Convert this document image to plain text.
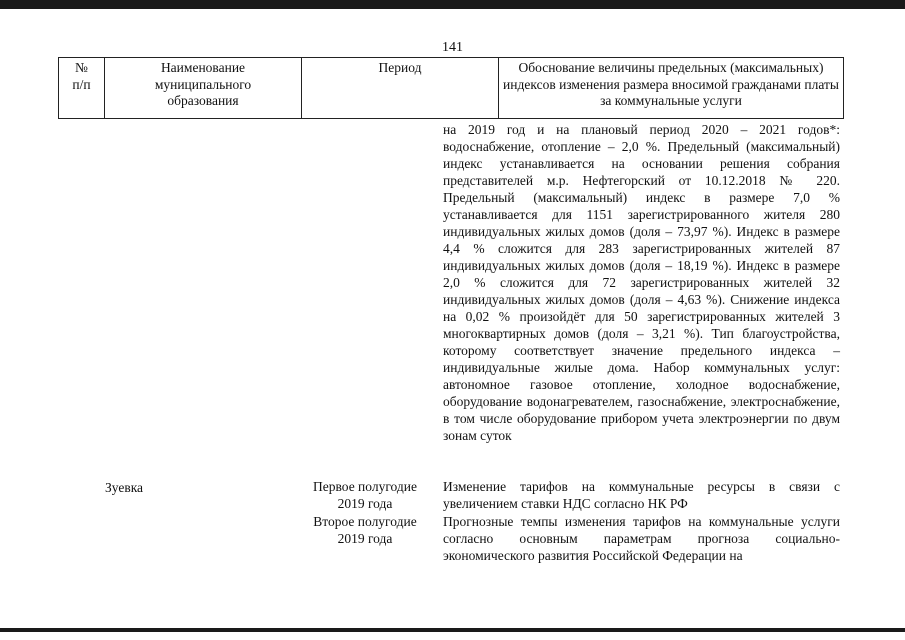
141
№
п/п
Наименование
муниципального
образования
Период	Обоснование величины предельных (максимальных)
индексов изменения размера вносимой гражданами платы
за коммунальные услуги
на 2019 год и на плановый период 2020 – 2021 годов*: водоснабжение, отопление – 2,0 %. Предельный (максимальный) индекс устанавливается на основании решения собрания представителей м.р. Нефтегорский от 10.12.2018 № 220. Предельный (максимальный) индекс в размере 7,0 % устанавливается для 1151 зарегистрированного жителя 280 индивидуальных жилых домов (доля – 73,97 %). Индекс в размере 4,4 % сложится для 283 зарегистрированных жителей 87 индивидуальных жилых домов (доля – 18,19 %). Индекс в размере 2,0 % сложится для 72 зарегистрированных жителей 32 индивидуальных жилых домов (доля – 4,63 %). Снижение индекса на 0,02 % произойдёт для 50 зарегистрированных жителей 3 многоквартирных домов (доля – 3,21 %). Тип благоустройства, которому соответствует значение предельного индекса – индивидуальные жилые дома. Набор коммунальных услуг: автономное газовое отопление, холодное водоснабжение, оборудование водонагревателем, газоснабжение, электроснабжение, в том числе оборудование прибором учета электроэнергии по двум зонам суток
Зуевка	Первое полугодие
2019 года
Изменение тарифов на коммунальные ресурсы в связи с увеличением ставки НДС согласно НК РФ
Второе полугодие
2019 года
Прогнозные темпы изменения тарифов на коммунальные услуги согласно основным параметрам прогноза социально-экономического развития Российской Федерации на
